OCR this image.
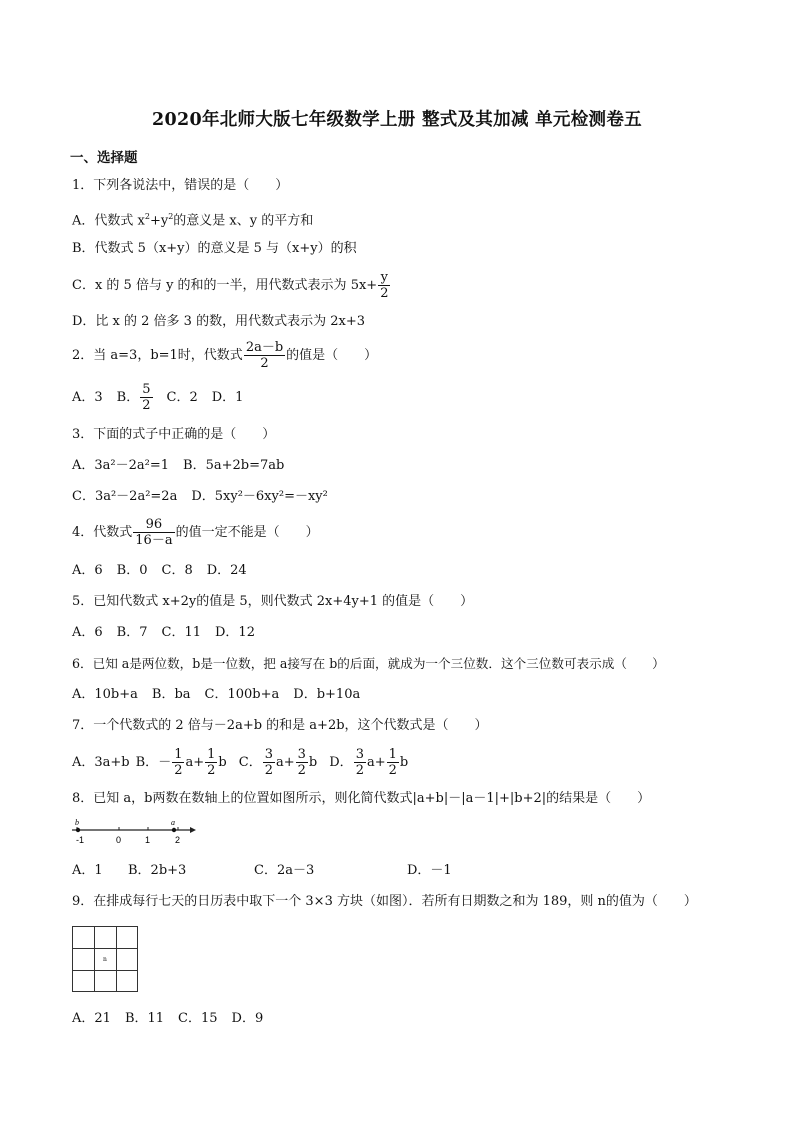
2020年北师大版七年级数学上册 整式及其加减 单元检测卷五
一、选择题
1．下列各说法中，错误的是（　　）
A．代数式 $x^2+y^2$的意义是 x、y 的平方和
B．代数式 5（x+y）的意义是 5 与（x+y）的积
C．x 的 5 倍与 y 的和的一半，用代数式表示为 $5x+ \frac{y}{2}$
D．比 x 的 2 倍多 3 的数，用代数式表示为 2x+3
2．当 a=3，b=1时，代数式 $\frac{2a-b}{2}$ 的值是（　　）
A．3 B． $\frac{5}{2}$ C．2 D．1
3．下面的式子中正确的是（　　）
A．3a²－2a²=1 B．5a+2b=7ab
C．3a²－2a²=2a D．5xy²－6xy²=－xy²
4．代数式 $\frac{96}{16-a}$ 的值一定不能是（　　）
A．6 B．0 C．8 D．24
5．已知代数式 x+2y的值是 5，则代数式 2x+4y+1 的值是（　　）
A．6 B．7 C．11 D．12
6．已知 a是两位数，b是一位数，把 a接写在 b的后面，就成为一个三位数．这个三位数可表示成（　　）
A．10b+a B．ba C．100b+a D．b+10a
7．一个代数式的 2 倍与－2a+b 的和是 a+2b，这个代数式是（　　）
A．3a+b B．－ $\frac{1}{2} a+ \frac{1}{2}$ b C． $\frac{3}{2} a+ \frac{3}{2}$ b D． $\frac{3}{2} a+ \frac{1}{2}$ b
8．已知 a，b两数在数轴上的位置如图所示，则化简代数式|a+b|－|a－1|+|b+2|的结果是（　　）
b	a
-1	0	1	2
A．1 B．2b+3	C．2a－3	D．－1
9．在排成每行七天的日历表中取下一个 3×3 方块（如图）．若所有日期数之和为 189，则 n的值为（　　）
n
A．21 B．11 C．15 D．9
